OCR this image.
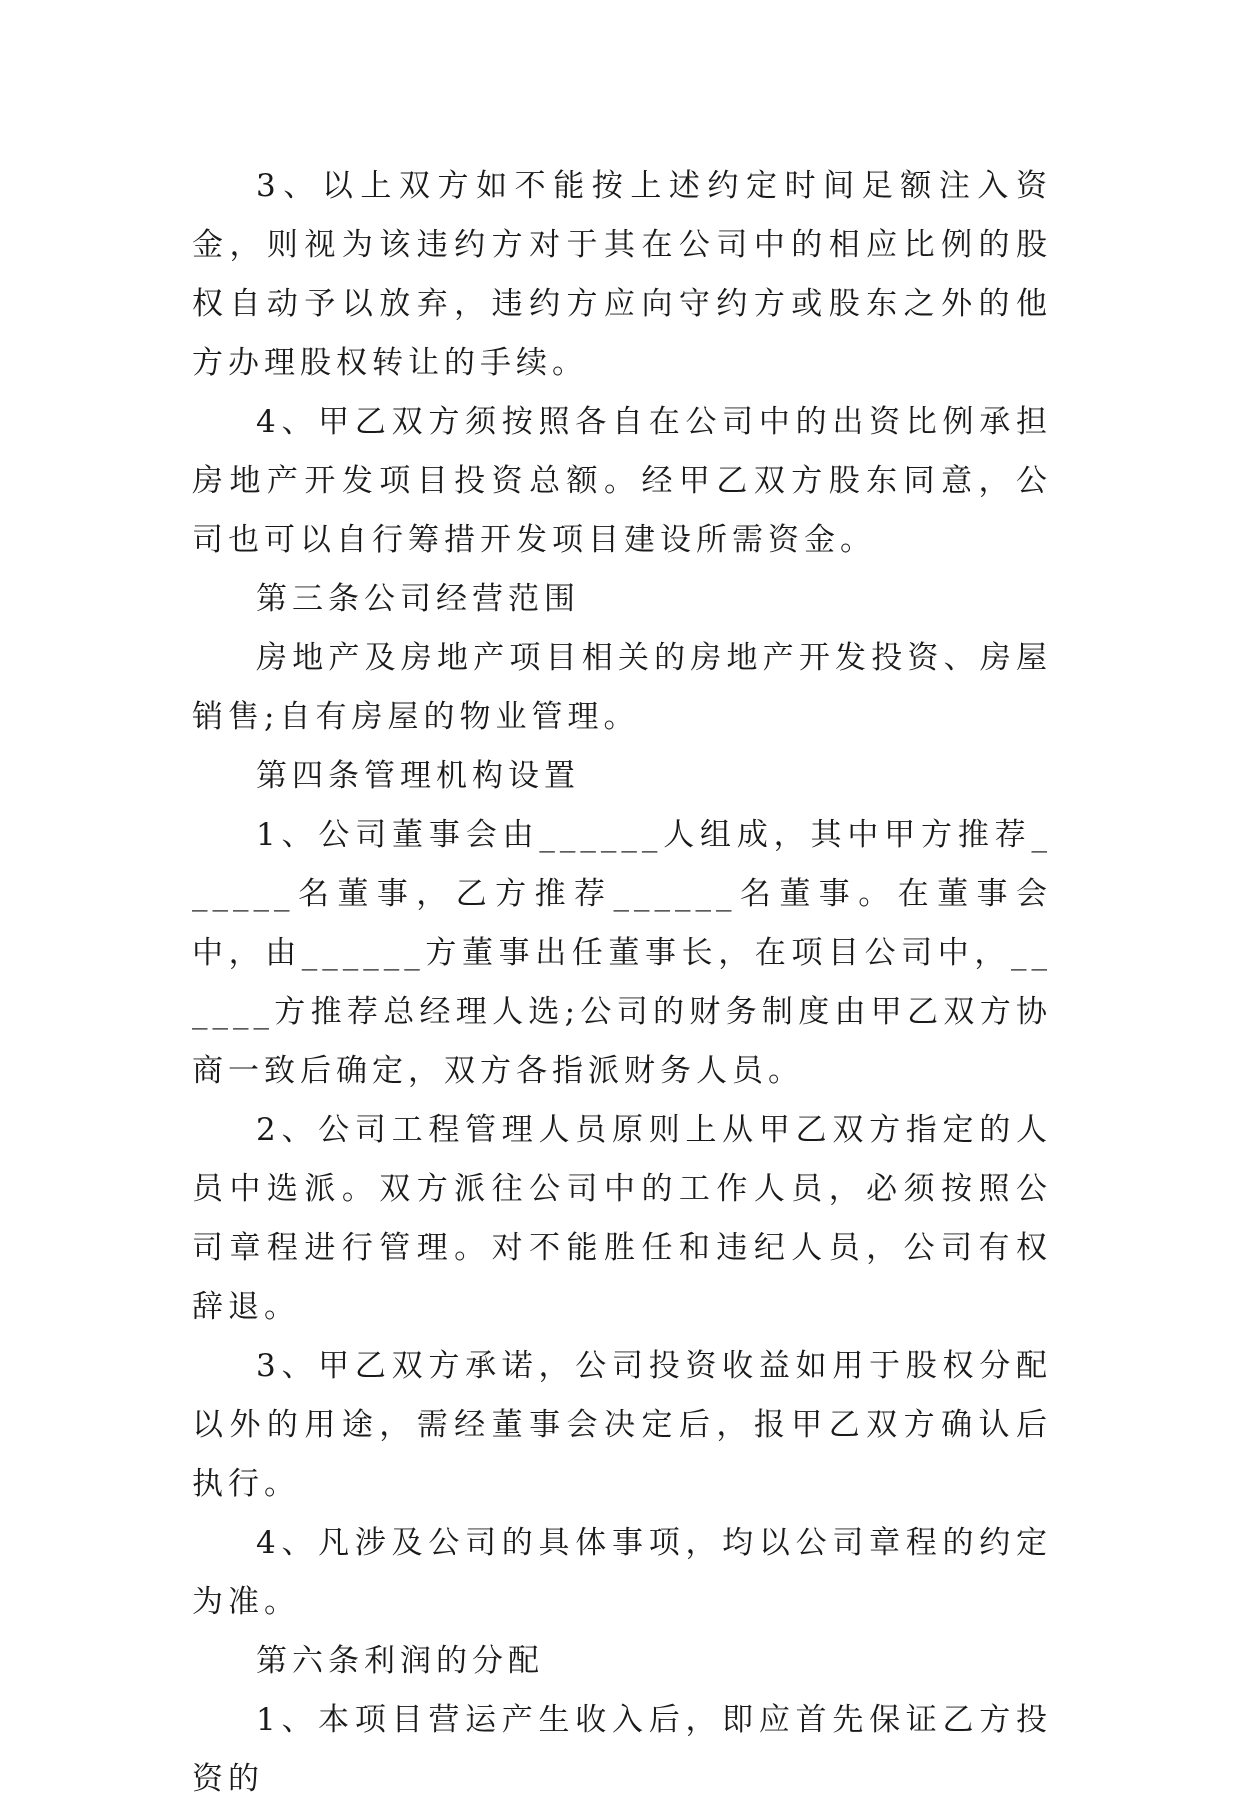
3、以上双方如不能按上述约定时间足额注入资金，则视为该违约方对于其在公司中的相应比例的股权自动予以放弃，违约方应向守约方或股东之外的他方办理股权转让的手续。

4、甲乙双方须按照各自在公司中的出资比例承担房地产开发项目投资总额。经甲乙双方股东同意，公司也可以自行筹措开发项目建设所需资金。

第三条公司经营范围

房地产及房地产项目相关的房地产开发投资、房屋销售;自有房屋的物业管理。

第四条管理机构设置

1、公司董事会由______人组成，其中甲方推荐______名董事，乙方推荐______名董事。在董事会中，由______方董事出任董事长，在项目公司中，______方推荐总经理人选;公司的财务制度由甲乙双方协商一致后确定，双方各指派财务人员。

2、公司工程管理人员原则上从甲乙双方指定的人员中选派。双方派往公司中的工作人员，必须按照公司章程进行管理。对不能胜任和违纪人员，公司有权辞退。

3、甲乙双方承诺，公司投资收益如用于股权分配以外的用途，需经董事会决定后，报甲乙双方确认后执行。

4、凡涉及公司的具体事项，均以公司章程的约定为准。

第六条利润的分配

1、本项目营运产生收入后，即应首先保证乙方投资的
